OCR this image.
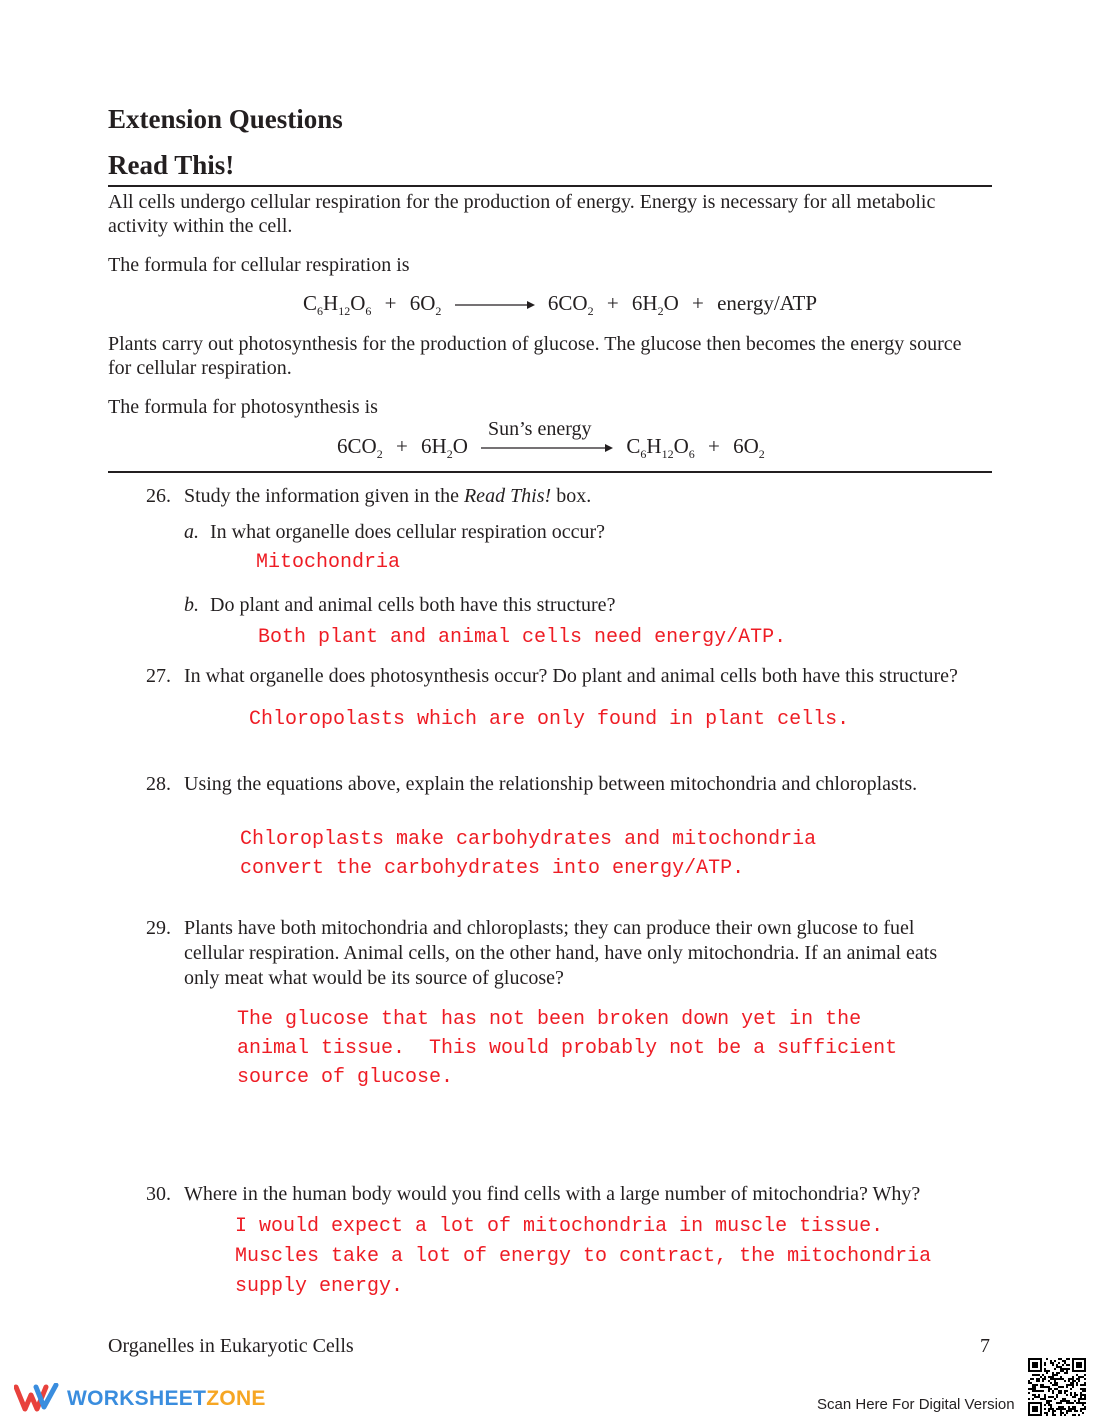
Extension Questions
Read This!
All cells undergo cellular respiration for the production of energy. Energy is necessary for all metabolic activity within the cell.
The formula for cellular respiration is
$C_6H_{12}O_6 + 6O_2 \to 6CO_2 + 6H_2O$ + energy/ATP
Plants carry out photosynthesis for the production of glucose. The glucose then becomes the energy source for cellular respiration.
The formula for photosynthesis is
Sun’s energy
$6CO_2 + 6H_2O$	$C_6H_{12}O_6 + 6O_2$
26. Study the information given in the Read This! box.
a. In what organelle does cellular respiration occur?
Mitochondria
b. Do plant and animal cells both have this structure?
Both plant and animal cells need energy/ATP.
27. In what organelle does photosynthesis occur? Do plant and animal cells both have this structure?
Chloropolasts which are only found in plant cells.
28. Using the equations above, explain the relationship between mitochondria and chloroplasts.
Chloroplasts make carbohydrates and mitochondria
convert the carbohydrates into energy/ATP.
29. Plants have both mitochondria and chloroplasts; they can produce their own glucose to fuel
cellular respiration. Animal cells, on the other hand, have only mitochondria. If an animal eats
only meat what would be its source of glucose?
The glucose that has not been broken down yet in the
animal tissue.  This would probably not be a sufficient
source of glucose.
30. Where in the human body would you find cells with a large number of mitochondria? Why?
I would expect a lot of mitochondria in muscle tissue.
Muscles take a lot of energy to contract, the mitochondria
supply energy.
Organelles in Eukaryotic Cells	7
WORKSHEETZONE	Scan Here For Digital Version
